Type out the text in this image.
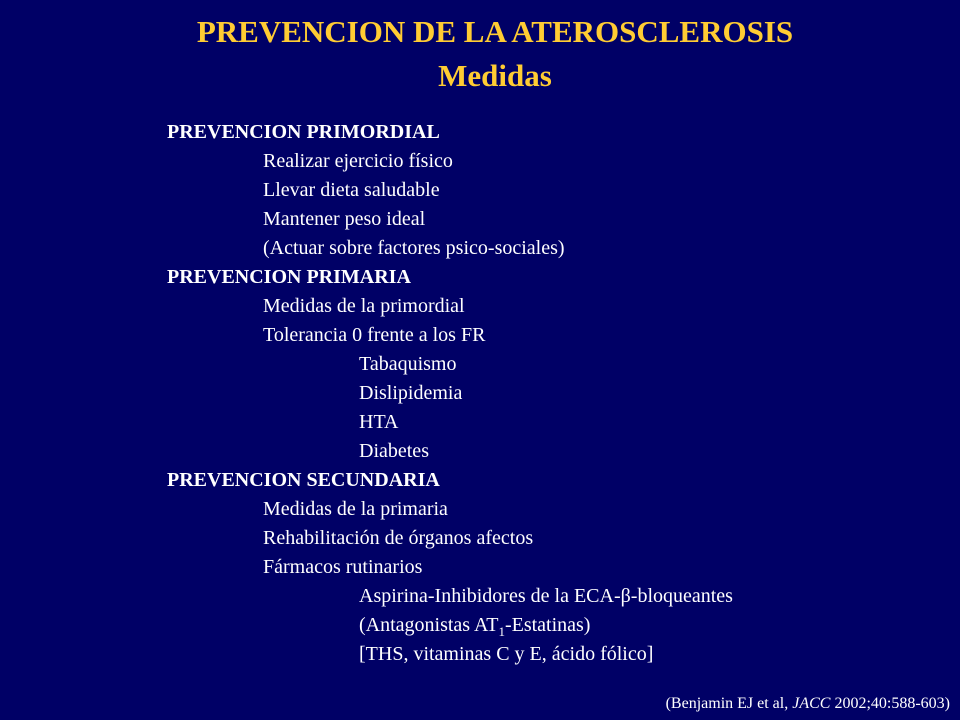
PREVENCION DE LA ATEROSCLEROSIS
Medidas
PREVENCION PRIMORDIAL
Realizar ejercicio físico
Llevar dieta saludable
Mantener peso ideal
(Actuar sobre factores psico-sociales)
PREVENCION PRIMARIA
Medidas de la primordial
Tolerancia 0 frente a los FR
Tabaquismo
Dislipidemia
HTA
Diabetes
PREVENCION SECUNDARIA
Medidas de la primaria
Rehabilitación de órganos afectos
Fármacos rutinarios
Aspirina-Inhibidores de la ECA-β-bloqueantes
(Antagonistas $AT_1-Estatinas$)
[THS, vitaminas C y E, ácido fólico]
(Benjamin EJ et al, JACC 2002;40:588-603)
